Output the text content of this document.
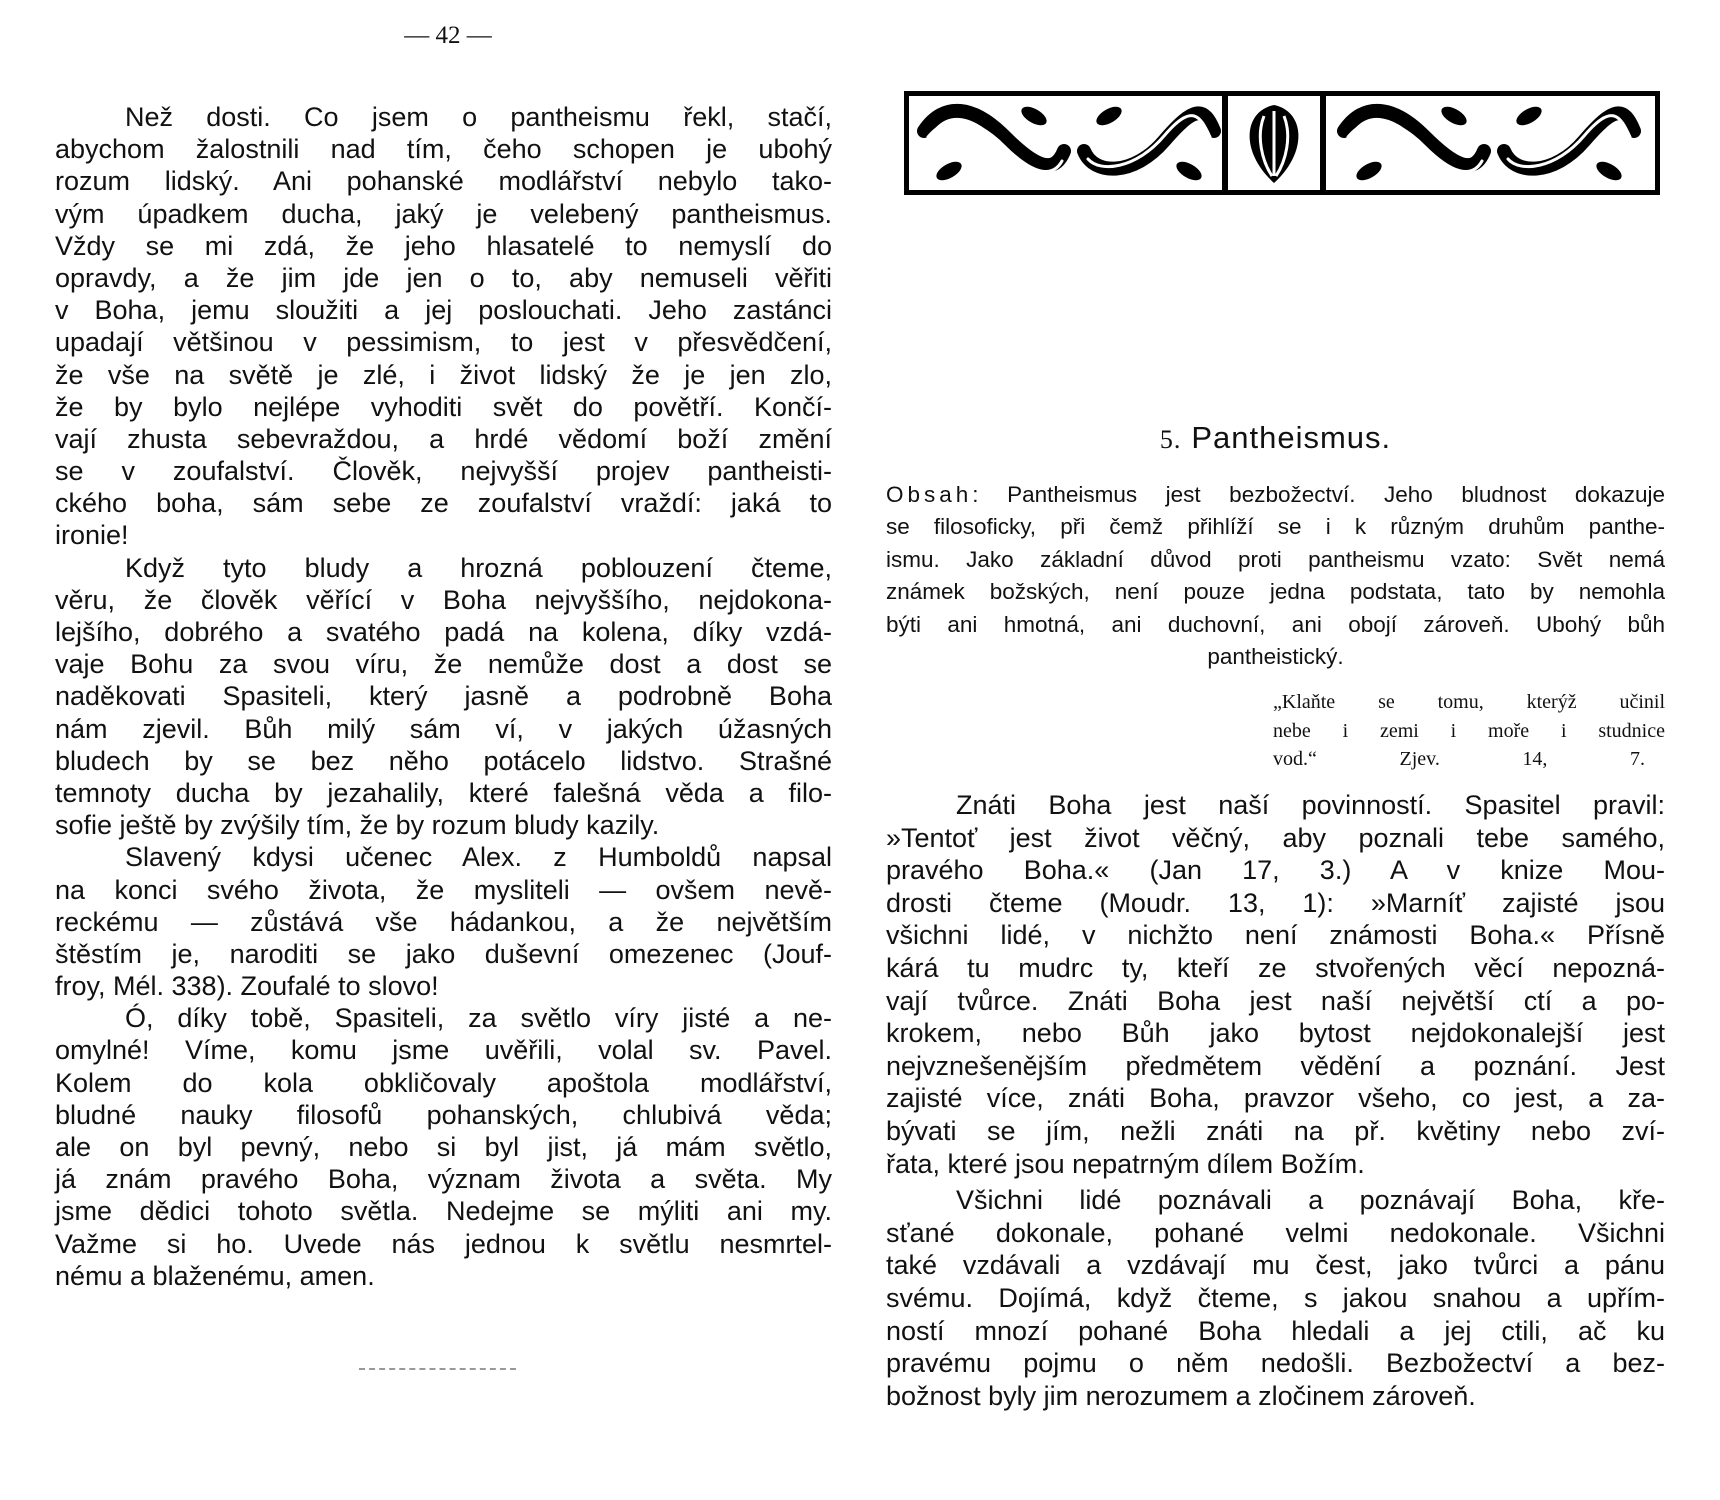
— 42 —
Než dosti. Co jsem o pantheismu řekl, stačí,
abychom žalostnili nad tím, čeho schopen je ubohý
rozum lidský. Ani pohanské modlářství nebylo tako-
vým úpadkem ducha, jaký je velebený pantheismus.
Vždy se mi zdá, že jeho hlasatelé to nemyslí do
opravdy, a že jim jde jen o to, aby nemuseli věřiti
v Boha, jemu sloužiti a jej poslouchati. Jeho zastánci
upadají většinou v pessimism, to jest v přesvědčení,
že vše na světě je zlé, i život lidský že je jen zlo,
že by bylo nejlépe vyhoditi svět do povětří. Končí-
vají zhusta sebevraždou, a hrdé vědomí boží změní
se v zoufalství. Člověk, nejvyšší projev pantheisti-
ckého boha, sám sebe ze zoufalství vraždí: jaká to
ironie!
Když tyto bludy a hrozná poblouzení čteme,
věru, že člověk věřící v Boha nejvyššího, nejdokona-
lejšího, dobrého a svatého padá na kolena, díky vzdá-
vaje Bohu za svou víru, že nemůže dost a dost se
naděkovati Spasiteli, který jasně a podrobně Boha
nám zjevil. Bůh milý sám ví, v jakých úžasných
bludech by se bez něho potácelo lidstvo. Strašné
temnoty ducha by jezahalily, které falešná věda a filo-
sofie ještě by zvýšily tím, že by rozum bludy kazily.
Slavený kdysi učenec Alex. z Humboldů napsal
na konci svého života, že mysliteli — ovšem nevě-
reckému — zůstává vše hádankou, a že největším
štěstím je, naroditi se jako duševní omezenec (Jouf-
froy, Mél. 338). Zoufalé to slovo!
Ó, díky tobě, Spasiteli, za světlo víry jisté a ne-
omylné! Víme, komu jsme uvěřili, volal sv. Pavel.
Kolem do kola obkličovaly apoštola modlářství,
bludné nauky filosofů pohanských, chlubivá věda;
ale on byl pevný, nebo si byl jist, já mám světlo,
já znám pravého Boha, význam života a světa. My
jsme dědici tohoto světla. Nedejme se mýliti ani my.
Važme si ho. Uvede nás jednou k světlu nesmrtel-
nému a blaženému, amen.
5. Pantheismus.
Obsah: Pantheismus jest bezbožectví. Jeho bludnost dokazuje
se filosoficky, při čemž přihlíží se i k různým druhům panthe-
ismu. Jako základní důvod proti pantheismu vzato: Svět nemá
známek božských, není pouze jedna podstata, tato by nemohla
býti ani hmotná, ani duchovní, ani obojí zároveň. Ubohý bůh
pantheistický.
„Klaňte se tomu, kterýž učinil
nebe i zemi i moře i studnice
vod.“	Zjev. 14, 7.
Znáti Boha jest naší povinností. Spasitel pravil:
»Tentoť jest život věčný, aby poznali tebe samého,
pravého Boha.« (Jan 17, 3.) A v knize Mou-
drosti čteme (Moudr. 13, 1): »Marníť zajisté jsou
všichni lidé, v nichžto není známosti Boha.« Přísně
kárá tu mudrc ty, kteří ze stvořených věcí nepozná-
vají tvůrce. Znáti Boha jest naší největší ctí a po-
krokem, nebo Bůh jako bytost nejdokonalejší jest
nejvznešenějším předmětem vědění a poznání. Jest
zajisté více, znáti Boha, pravzor všeho, co jest, a za-
bývati se jím, nežli znáti na př. květiny nebo zví-
řata, které jsou nepatrným dílem Božím.
Všichni lidé poznávali a poznávají Boha, kře-
sťané dokonale, pohané velmi nedokonale. Všichni
také vzdávali a vzdávají mu čest, jako tvůrci a pánu
svému. Dojímá, když čteme, s jakou snahou a upřím-
ností mnozí pohané Boha hledali a jej ctili, ač ku
pravému pojmu o něm nedošli. Bezbožectví a bez-
božnost byly jim nerozumem a zločinem zároveň.
